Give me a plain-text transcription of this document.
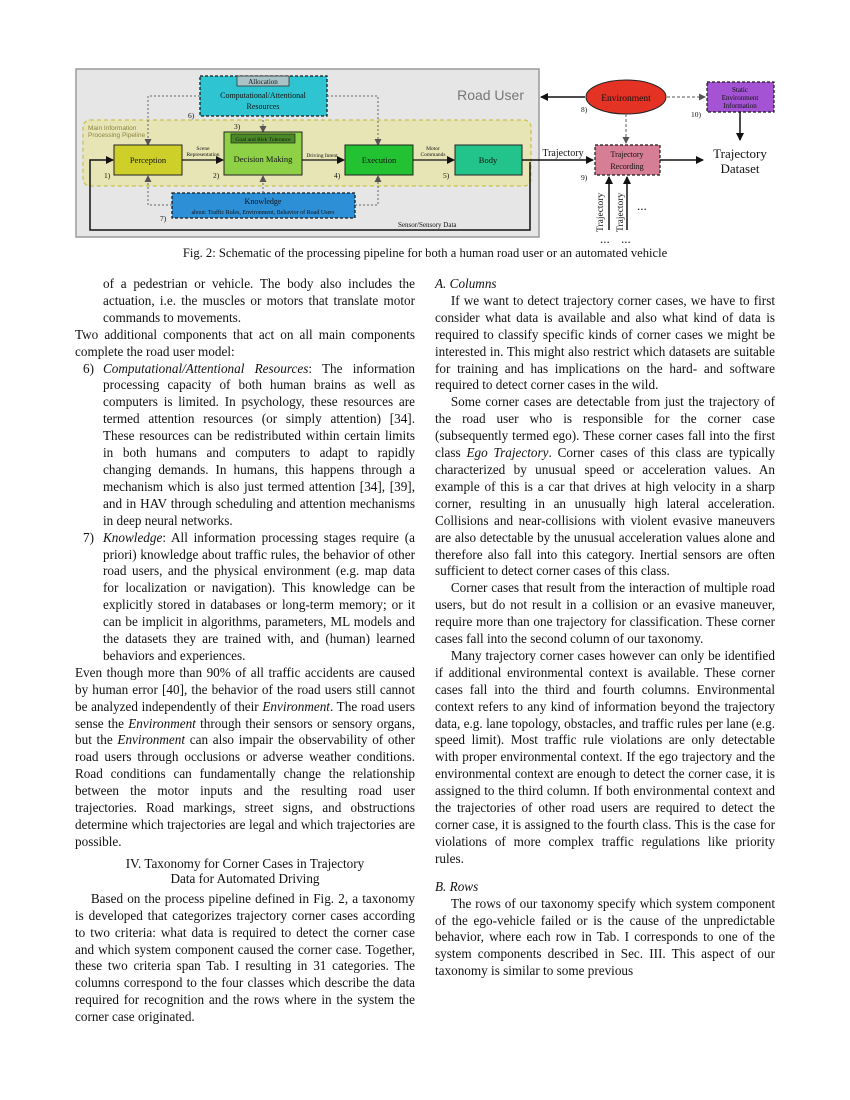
Road User
Main Information
Processing Pipeline
Allocation
Computational/Attentional
Resources
Perception
Goal and Risk Tolerance
Decision Making	Execution	Body
Scene
Representation	Driving Intent
Motor
Commands
1)	2)
3)
4)	5)
6)
7)
Knowledge
about: Traffic Rules, Environment, Behavior of Road Users
Sensor/Sensory Data
Environment
8)
Static
Environment
Information
10)
Trajectory
Recording
9)
Trajectory	Trajectory
Dataset
Trajectory Trajectory ...
... ...
Fig. 2: Schematic of the processing pipeline for both a human road user or an automated vehicle

of a pedestrian or vehicle. The body also includes the actuation, i.e. the muscles or motors that translate motor commands to movements.

Two additional components that act on all main components complete the road user model:

6) Computational/Attentional Resources: The information processing capacity of both human brains as well as computers is limited. In psychology, these resources are termed attention resources (or simply attention) [34]. These resources can be redistributed within certain limits in both humans and computers to adapt to rapidly changing demands. In humans, this happens through a mechanism which is also just termed attention [34], [39], and in HAV through scheduling and attention mechanisms in deep neural networks.
7) Knowledge: All information processing stages require (a priori) knowledge about traffic rules, the behavior of other road users, and the physical environment (e.g. map data for localization or navigation). This knowledge can be explicitly stored in databases or long-term memory; or it can be implicit in algorithms, parameters, ML models and the datasets they are trained with, and (human) learned behaviors and experiences.

Even though more than 90% of all traffic accidents are caused by human error [40], the behavior of the road users still cannot be analyzed independently of their Environment. The road users sense the Environment through their sensors or sensory organs, but the Environment can also impair the observability of other road users through occlusions or adverse weather conditions. Road conditions can fundamentally change the relationship between the motor inputs and the resulting road user trajectories. Road markings, street signs, and obstructions determine which trajectories are legal and which trajectories are possible.

IV. Taxonomy for Corner Cases in Trajectory
Data for Automated Driving

Based on the process pipeline defined in Fig. 2, a taxonomy is developed that categorizes trajectory corner cases according to two criteria: what data is required to detect the corner case and which system component caused the corner case. Together, these two criteria span Tab. I resulting in 31 categories. The columns correspond to the four classes which describe the data required for recognition and the rows where in the system the corner case originated.

A. Columns

If we want to detect trajectory corner cases, we have to first consider what data is available and also what kind of data is required to classify specific kinds of corner cases we might be interested in. This might also restrict which datasets are suitable for training and has implications on the hard- and software required to detect corner cases in the wild.

Some corner cases are detectable from just the trajectory of the road user who is responsible for the corner case (subsequently termed ego). These corner cases fall into the first class Ego Trajectory. Corner cases of this class are typically characterized by unusual speed or acceleration values. An example of this is a car that drives at high velocity in a sharp corner, resulting in an unusually high lateral acceleration. Collisions and near-collisions with violent evasive maneuvers are also detectable by the unusual acceleration values alone and therefore also fall into this category. Inertial sensors are often sufficient to detect corner cases of this class.

Corner cases that result from the interaction of multiple road users, but do not result in a collision or an evasive maneuver, require more than one trajectory for classification. These corner cases fall into the second column of our taxonomy.

Many trajectory corner cases however can only be identified if additional environmental context is available. These corner cases fall into the third and fourth columns. Environmental context refers to any kind of information beyond the trajectory data, e.g. lane topology, obstacles, and traffic rules per lane (e.g. speed limit). Most traffic rule violations are only detectable with proper environmental context. If the ego trajectory and the environmental context are enough to detect the corner case, it is assigned to the third column. If both environmental context and the trajectories of other road users are required to detect the corner case, it is assigned to the fourth class. This is the case for violations of more complex traffic regulations like priority rules.

B. Rows

The rows of our taxonomy specify which system component of the ego-vehicle failed or is the cause of the unpredictable behavior, where each row in Tab. I corresponds to one of the system components described in Sec. III. This aspect of our taxonomy is similar to some previous
